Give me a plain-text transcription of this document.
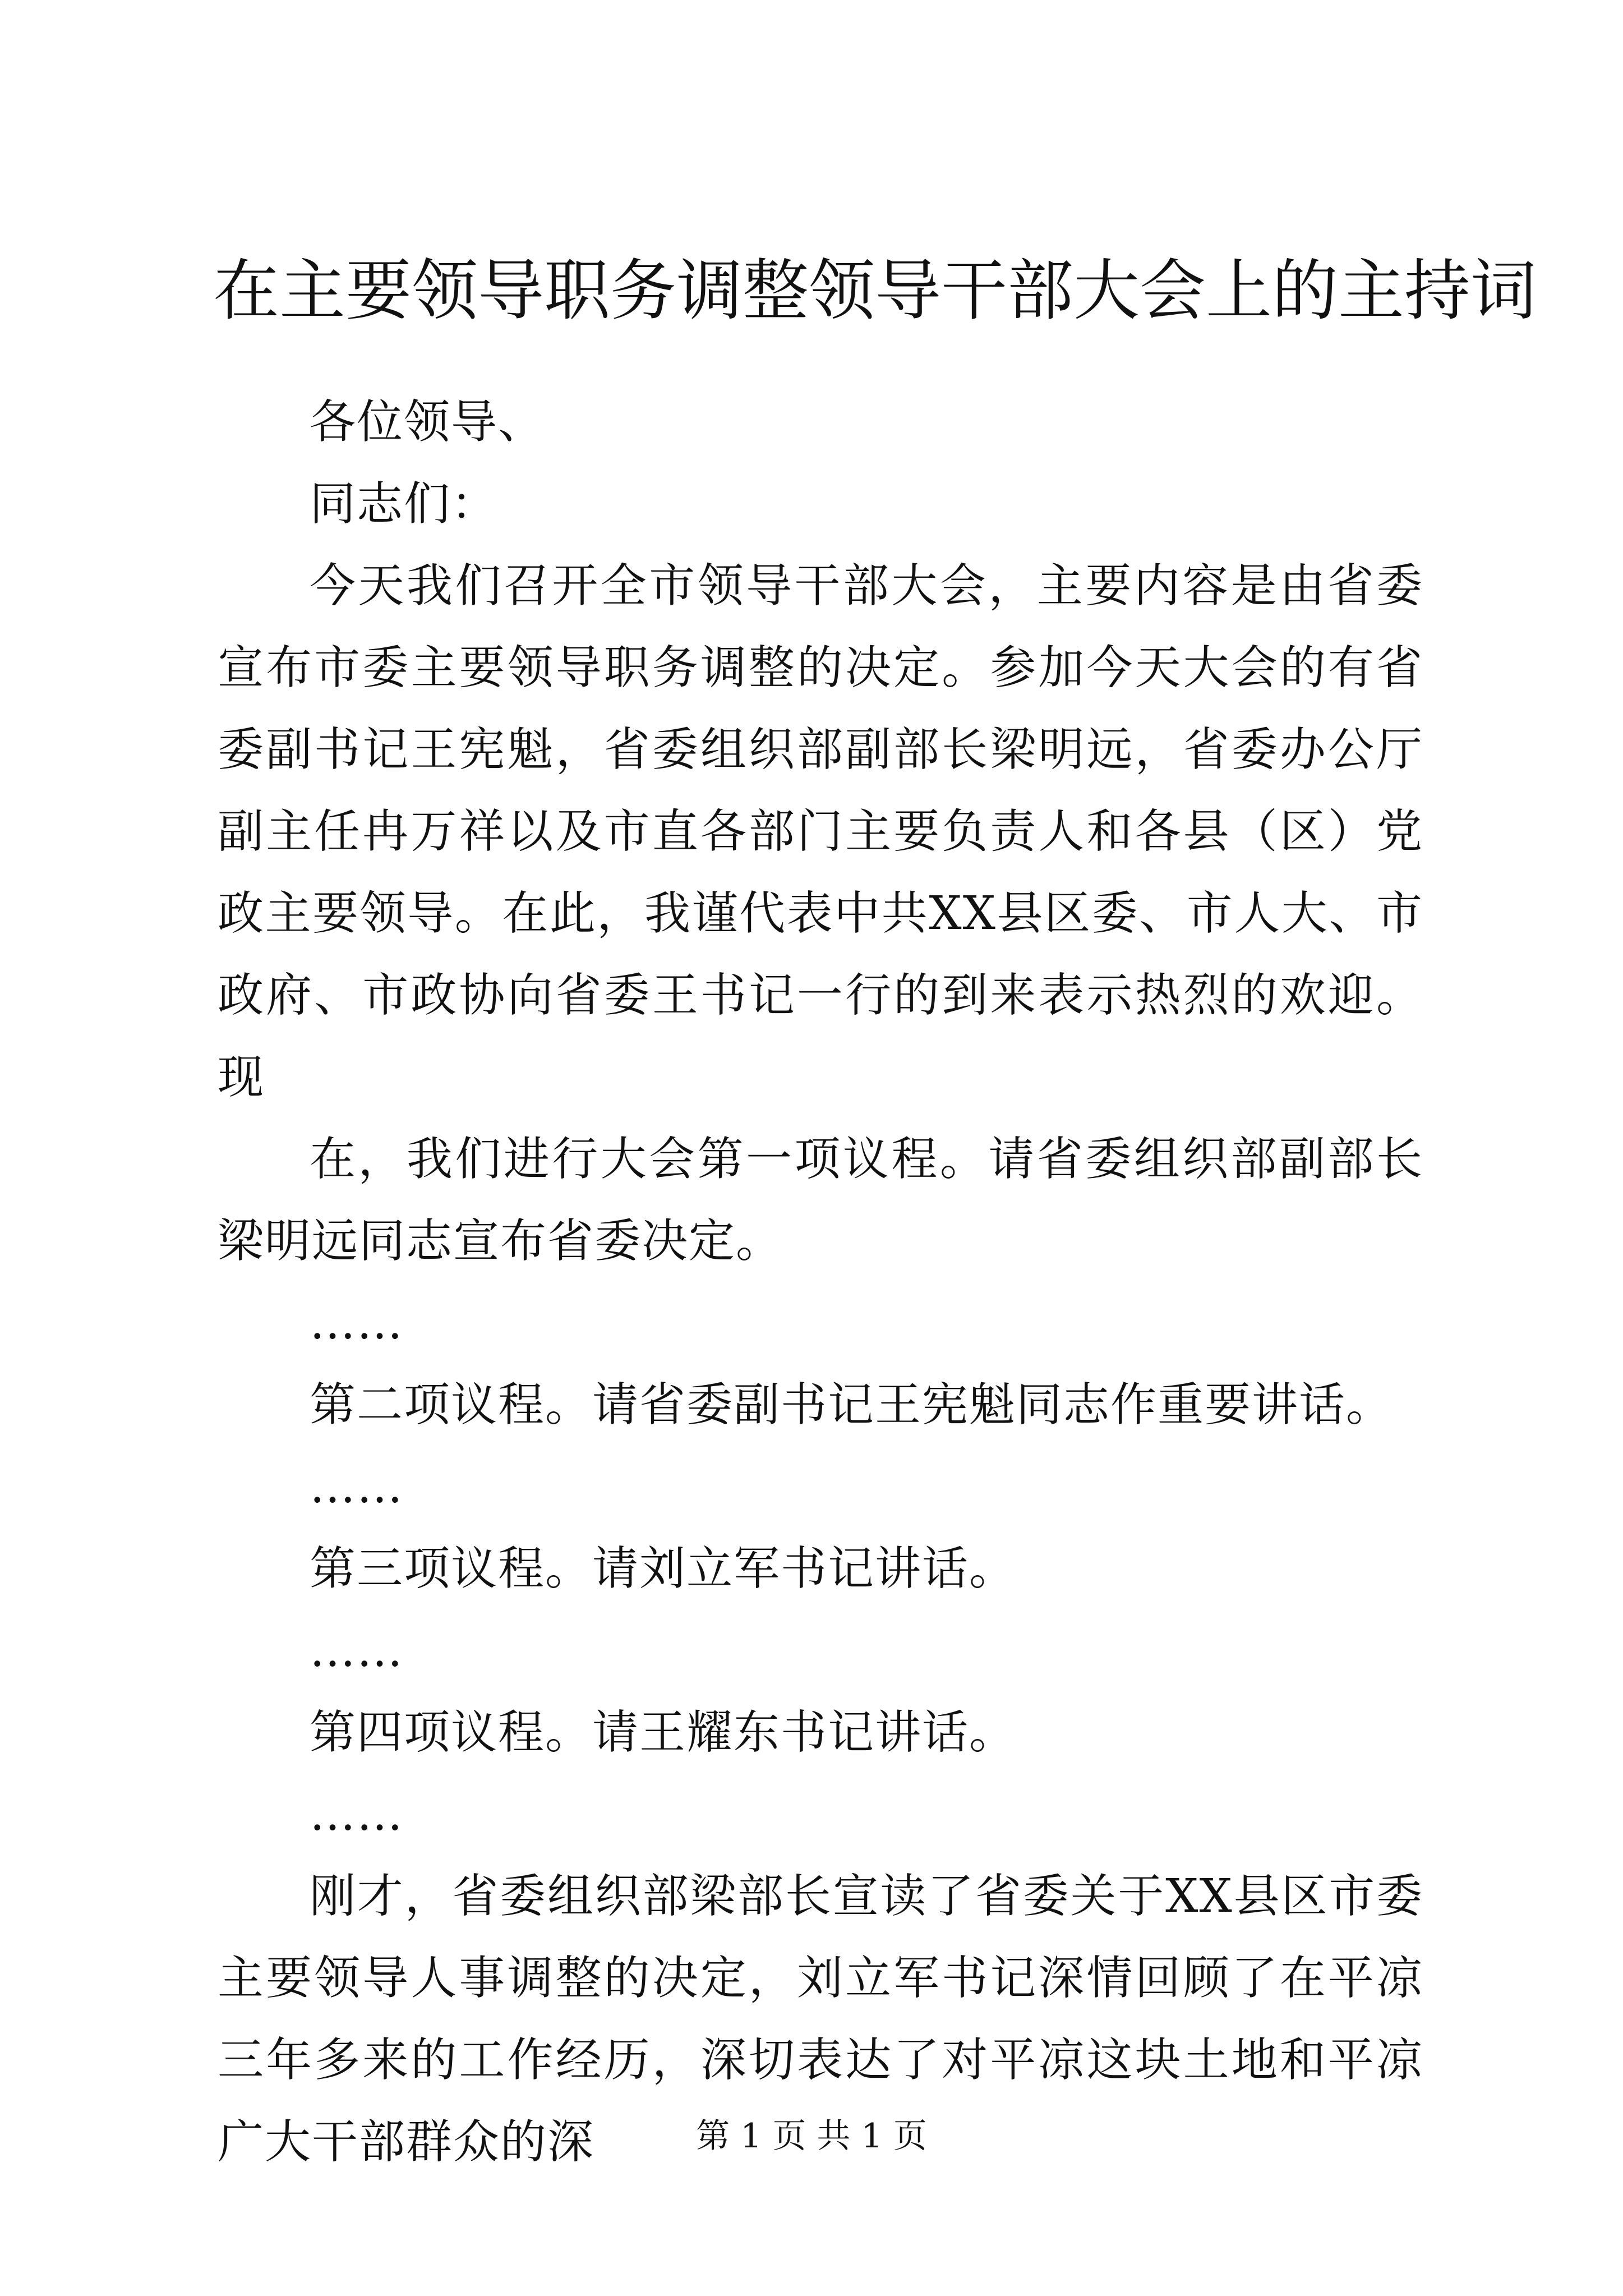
在主要领导职务调整领导干部大会上的主持词

各位领导、

同志们：

今天我们召开全市领导干部大会，主要内容是由省委宣布市委主要领导职务调整的决定。参加今天大会的有省委副书记王宪魁，省委组织部副部长梁明远，省委办公厅副主任冉万祥以及市直各部门主要负责人和各县（区）党政主要领导。在此，我谨代表中共XX县区委、市人大、市政府、市政协向省委王书记一行的到来表示热烈的欢迎。现

在，我们进行大会第一项议程。请省委组织部副部长梁明远同志宣布省委决定。

……

第二项议程。请省委副书记王宪魁同志作重要讲话。

……

第三项议程。请刘立军书记讲话。

……

第四项议程。请王耀东书记讲话。

……

刚才，省委组织部梁部长宣读了省委关于XX县区市委主要领导人事调整的决定，刘立军书记深情回顾了在平凉三年多来的工作经历，深切表达了对平凉这块土地和平凉广大干部群众的深	第 1 页 共 1 页
